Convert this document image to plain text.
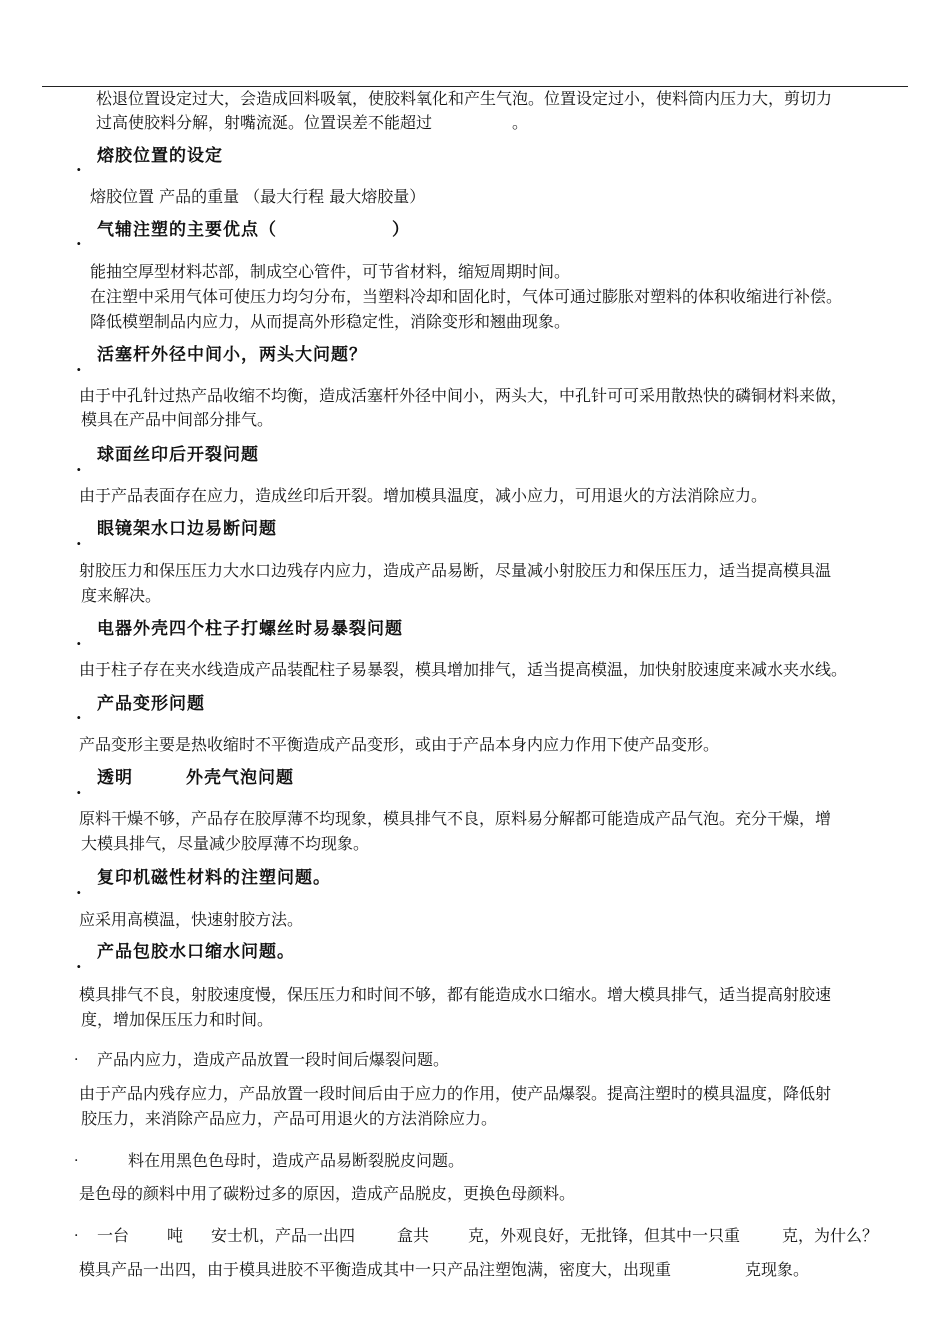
松退位置设定过大，会造成回料吸氧，使胶料氧化和产生气泡。位置设定过小，使料筒内压力大，剪切力
过高使胶料分解，射嘴流涎。位置误差不能超过	。
. 熔胶位置的设定
熔胶位置 产品的重量 （最大行程 最大熔胶量）
. 气辅注塑的主要优点（	）
能抽空厚型材料芯部，制成空心管件，可节省材料，缩短周期时间。
在注塑中采用气体可使压力均匀分布，当塑料冷却和固化时，气体可通过膨胀对塑料的体积收缩进行补偿。
降低模塑制品内应力，从而提高外形稳定性，消除变形和翘曲现象。
.
活塞杆外径中间小，两头大问题？
由于中孔针过热产品收缩不均衡，造成活塞杆外径中间小，两头大，中孔针可可采用散热快的磷铜材料来做，
模具在产品中间部分排气。
.
球面丝印后开裂问题
由于产品表面存在应力，造成丝印后开裂。增加模具温度，减小应力，可用退火的方法消除应力。
.
眼镜架水口边易断问题
射胶压力和保压压力大水口边残存内应力，造成产品易断，尽量减小射胶压力和保压压力，适当提高模具温
度来解决。
.
电器外壳四个柱子打螺丝时易暴裂问题
由于柱子存在夹水线造成产品装配柱子易暴裂，模具增加排气，适当提高模温，加快射胶速度来减水夹水线。
. 产品变形问题
产品变形主要是热收缩时不平衡造成产品变形，或由于产品本身内应力作用下使产品变形。
.
透明	外壳气泡问题
原料干燥不够，产品存在胶厚薄不均现象，模具排气不良，原料易分解都可能造成产品气泡。充分干燥，增
大模具排气，尽量减少胶厚薄不均现象。
.
复印机磁性材料的注塑问题。
应采用高模温，快速射胶方法。
.
产品包胶水口缩水问题。
模具排气不良，射胶速度慢，保压压力和时间不够，都有能造成水口缩水。增大模具排气，适当提高射胶速
度，增加保压压力和时间。
· 产品内应力，造成产品放置一段时间后爆裂问题。
由于产品内残存应力，产品放置一段时间后由于应力的作用，使产品爆裂。提高注塑时的模具温度，降低射
胶压力，来消除产品应力，产品可用退火的方法消除应力。
·	料在用黑色色母时，造成产品易断裂脱皮问题。
是色母的颜料中用了碳粉过多的原因，造成产品脱皮，更换色母颜料。
· 一台 吨 安士机，产品一出四	盒共 克，外观良好，无批锋，但其中一只重	克，为什么？
模具产品一出四，由于模具进胶不平衡造成其中一只产品注塑饱满，密度大，出现重	克现象。
